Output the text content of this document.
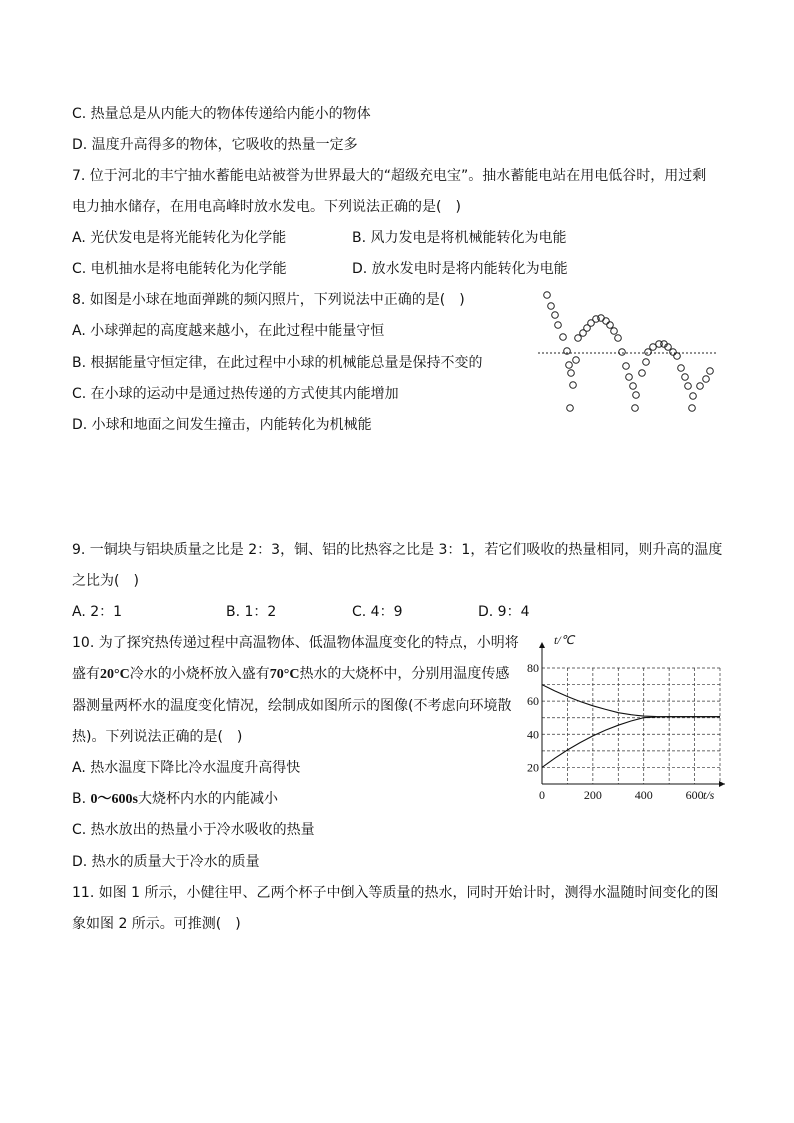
C. 热量总是从内能大的物体传递给内能小的物体
D. 温度升高得多的物体，它吸收的热量一定多
7. 位于河北的丰宁抽水蓄能电站被誉为世界最大的“超级充电宝”。抽水蓄能电站在用电低谷时，用过剩
电力抽水储存，在用电高峰时放水发电。下列说法正确的是(　)
A. 光伏发电是将光能转化为化学能	B. 风力发电是将机械能转化为电能
C. 电机抽水是将电能转化为化学能	D. 放水发电时是将内能转化为电能
8. 如图是小球在地面弹跳的频闪照片，下列说法中正确的是(　)
A. 小球弹起的高度越来越小，在此过程中能量守恒
B. 根据能量守恒定律，在此过程中小球的机械能总量是保持不变的
C. 在小球的运动中是通过热传递的方式使其内能增加
D. 小球和地面之间发生撞击，内能转化为机械能
9. 一铜块与铝块质量之比是 2：3，铜、铝的比热容之比是 3：1，若它们吸收的热量相同，则升高的温度
之比为(　)
A. 2：1	B. 1：2	C. 4：9	D. 9：4
10. 为了探究热传递过程中高温物体、低温物体温度变化的特点，小明将
盛有20°C冷水的小烧杯放入盛有70°C热水的大烧杯中，分别用温度传感
器测量两杯水的温度变化情况，绘制成如图所示的图像(不考虑向环境散
热)。下列说法正确的是(　)
A. 热水温度下降比冷水温度升高得快
B. 0～600s大烧杯内水的内能减小
C. 热水放出的热量小于冷水吸收的热量
D. 热水的质量大于冷水的质量
20
40
60
80
0	200	400	600
t/℃
t/s
11. 如图 1 所示，小健往甲、乙两个杯子中倒入等质量的热水，同时开始计时，测得水温随时间变化的图
象如图 2 所示。可推测(　)
